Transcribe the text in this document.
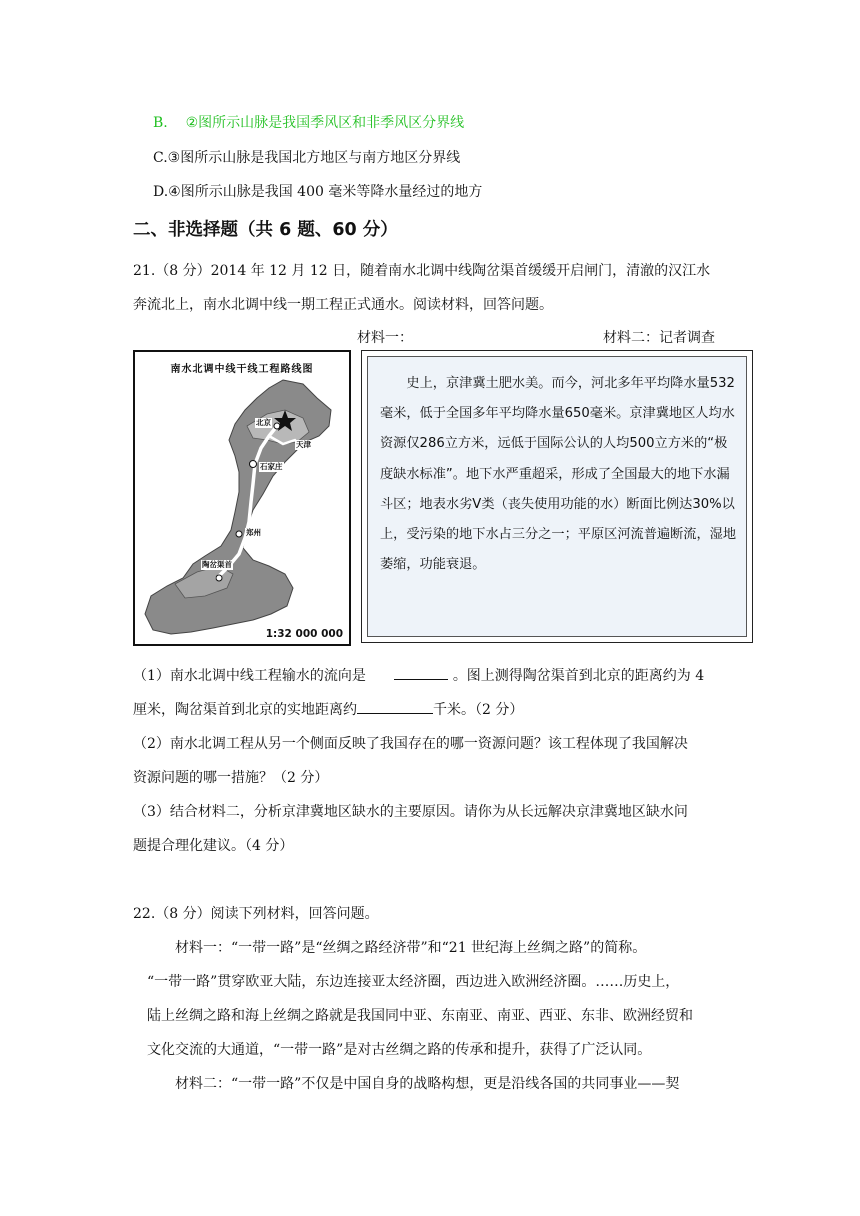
B. ②图所示山脉是我国季风区和非季风区分界线
C.③图所示山脉是我国北方地区与南方地区分界线
D.④图所示山脉是我国 400 毫米等降水量经过的地方
二、非选择题（共 6 题、60 分）
21.（8 分）2014 年 12 月 12 日，随着南水北调中线陶岔渠首缓缓开启闸门，清澈的汉江水
奔流北上，南水北调中线一期工程正式通水。阅读材料，回答问题。
材料一：	材料二：记者调查
南水北调中线干线工程路线图
北京
天津
石家庄
郑州
陶岔渠首
1:32 000 000
史上，京津冀土肥水美。而今，河北多年平均降水量532毫米，低于全国多年平均降水量650毫米。京津冀地区人均水资源仅286立方米，远低于国际公认的人均500立方米的“极度缺水标准”。地下水严重超采，形成了全国最大的地下水漏斗区；地表水劣V类（丧失使用功能的水）断面比例达30%以上，受污染的地下水占三分之一；平原区河流普遍断流，湿地萎缩，功能衰退。
（1）南水北调中线工程输水的流向是	。图上测得陶岔渠首到北京的距离约为 4
厘米，陶岔渠首到北京的实地距离约	千米。（2 分）
（2）南水北调工程从另一个侧面反映了我国存在的哪一资源问题？该工程体现了我国解决
资源问题的哪一措施？（2 分）
（3）结合材料二，分析京津冀地区缺水的主要原因。请你为从长远解决京津冀地区缺水问
题提合理化建议。（4 分）
22.（8 分）阅读下列材料，回答问题。
材料一：“一带一路”是“丝绸之路经济带”和“21 世纪海上丝绸之路”的简称。
“一带一路”贯穿欧亚大陆，东边连接亚太经济圈，西边进入欧洲经济圈。……历史上，
陆上丝绸之路和海上丝绸之路就是我国同中亚、东南亚、南亚、西亚、东非、欧洲经贸和
文化交流的大通道，“一带一路”是对古丝绸之路的传承和提升，获得了广泛认同。
材料二：“一带一路”不仅是中国自身的战略构想，更是沿线各国的共同事业——契
